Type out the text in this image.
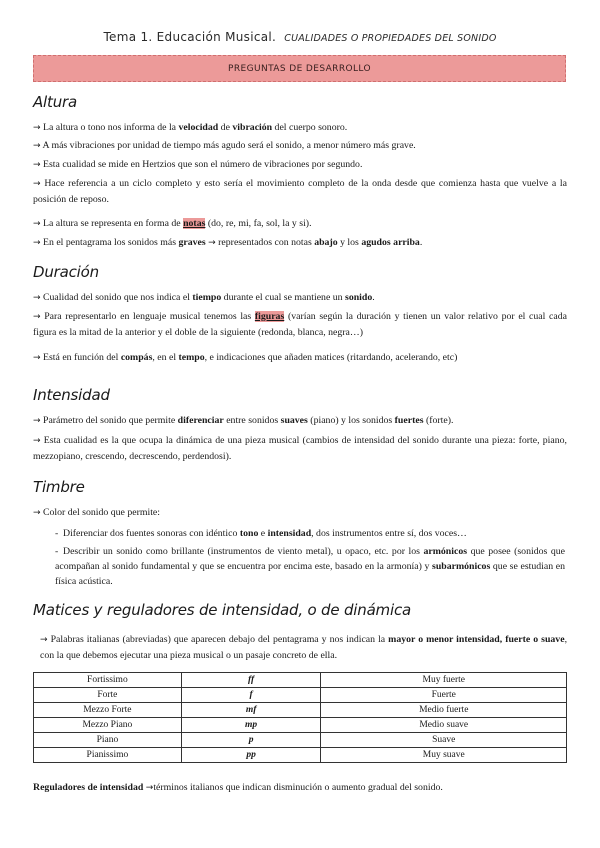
Tema 1. Educación Musical. CUALIDADES O PROPIEDADES DEL SONIDO
PREGUNTAS DE DESARROLLO
Altura
→ La altura o tono nos informa de la velocidad de vibración del cuerpo sonoro.
→ A más vibraciones por unidad de tiempo más agudo será el sonido, a menor número más grave.
→ Esta cualidad se mide en Hertzios que son el número de vibraciones por segundo.
→ Hace referencia a un ciclo completo y esto sería el movimiento completo de la onda desde que comienza hasta que vuelve a la posición de reposo.
→ La altura se representa en forma de notas (do, re, mi, fa, sol, la y si).
→ En el pentagrama los sonidos más graves → representados con notas abajo y los agudos arriba.
Duración
→ Cualidad del sonido que nos indica el tiempo durante el cual se mantiene un sonido.
→ Para representarlo en lenguaje musical tenemos las figuras (varían según la duración y tienen un valor relativo por el cual cada figura es la mitad de la anterior y el doble de la siguiente (redonda, blanca, negra…)
→ Está en función del compás, en el tempo, e indicaciones que añaden matices (ritardando, acelerando, etc)
Intensidad
→ Parámetro del sonido que permite diferenciar entre sonidos suaves (piano) y los sonidos fuertes (forte).
→ Esta cualidad es la que ocupa la dinámica de una pieza musical (cambios de intensidad del sonido durante una pieza: forte, piano, mezzopiano, crescendo, decrescendo, perdendosi).
Timbre
→ Color del sonido que permite:
- Diferenciar dos fuentes sonoras con idéntico tono e intensidad, dos instrumentos entre sí, dos voces…
- Describir un sonido como brillante (instrumentos de viento metal), u opaco, etc. por los armónicos que posee (sonidos que acompañan al sonido fundamental y que se encuentra por encima este, basado en la armonía) y subarmónicos que se estudian en física acústica.
Matices y reguladores de intensidad, o de dinámica
→ Palabras italianas (abreviadas) que aparecen debajo del pentagrama y nos indican la mayor o menor intensidad, fuerte o suave, con la que debemos ejecutar una pieza musical o un pasaje concreto de ella.
Fortissimo	ff	Muy fuerte
Forte	f	Fuerte
Mezzo Forte	mf	Medio fuerte
Mezzo Piano	mp	Medio suave
Piano	p	Suave
Pianissimo	pp	Muy suave
Reguladores de intensidad →términos italianos que indican disminución o aumento gradual del sonido.
